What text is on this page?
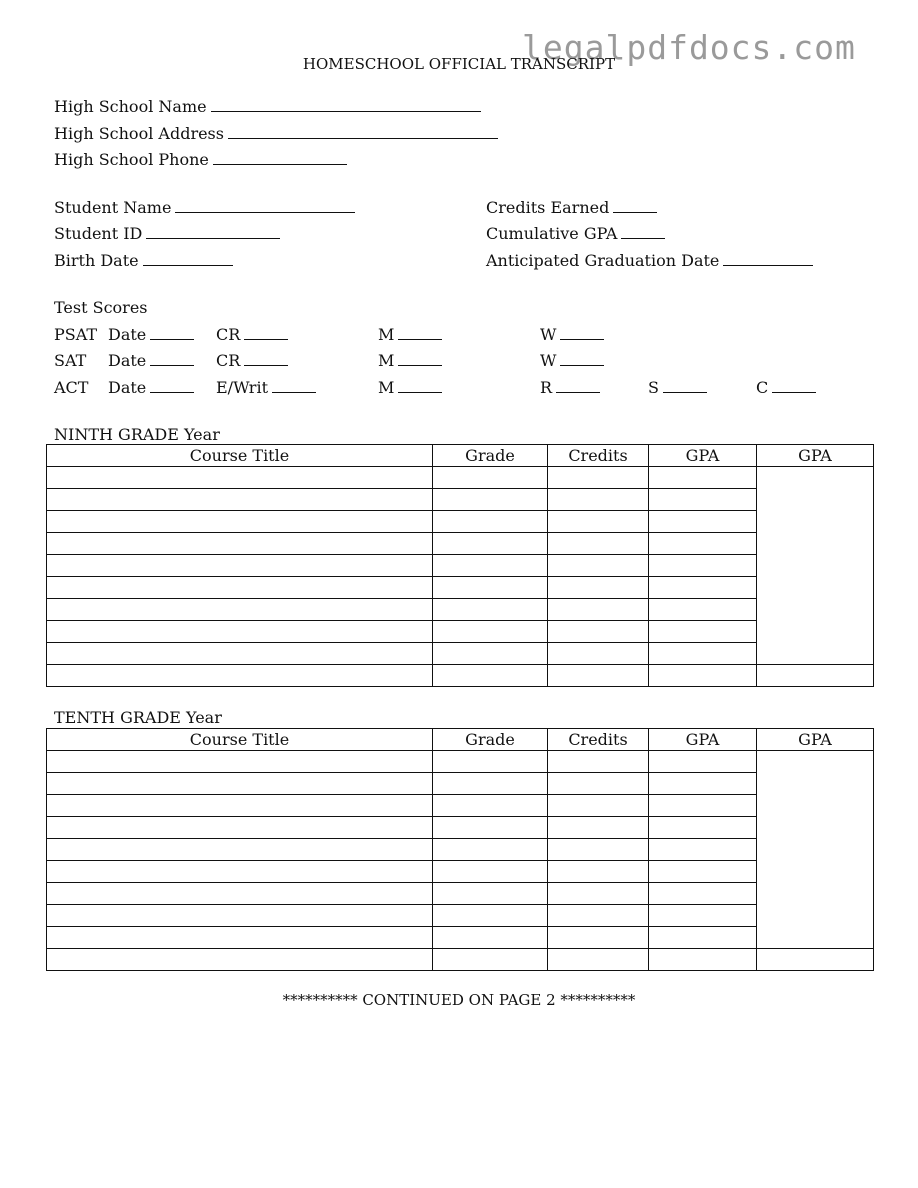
legalpdfdocs.com
HOMESCHOOL OFFICIAL TRANSCRIPT
High School Name
High School Address
High School Phone
Student Name
Student ID
Birth Date
Credits Earned
Cumulative GPA
Anticipated Graduation Date
Test Scores
PSAT Date	CR	M	W
SAT Date	CR	M	W
ACT Date	E/Writ	M	R	S	C
NINTH GRADE Year
Course Title	Grade	Credits	GPA	GPA

TENTH GRADE Year
Course Title	Grade	Credits	GPA	GPA

********** CONTINUED ON PAGE 2 **********
